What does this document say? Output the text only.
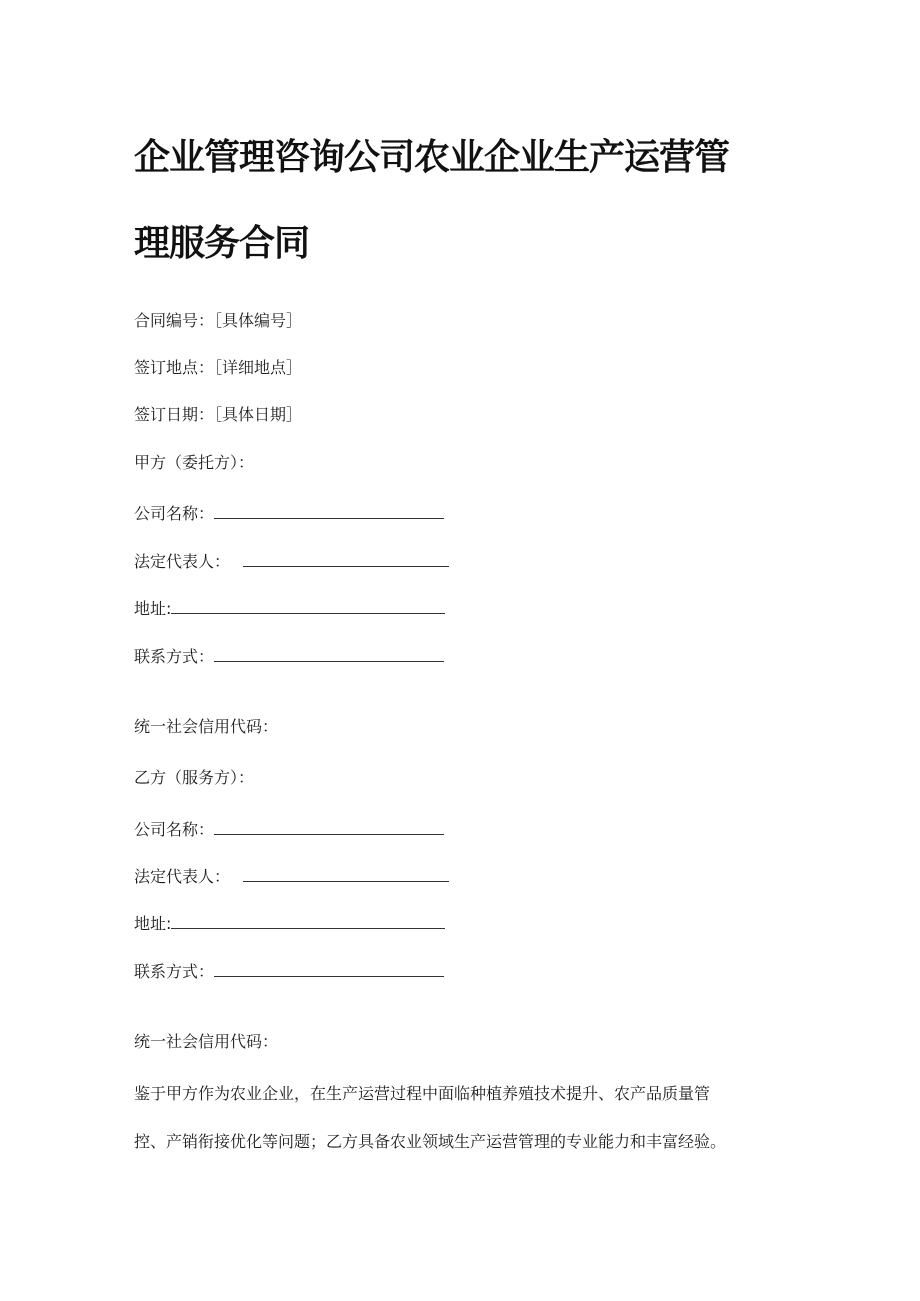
企业管理咨询公司农业企业生产运营管
理服务合同
合同编号：［具体编号］
签订地点：［详细地点］
签订日期：［具体日期］
甲方（委托方）：
公司名称：
法定代表人：
地址:
联系方式：
统一社会信用代码：
乙方（服务方）：
公司名称：
法定代表人：
地址:
联系方式：
统一社会信用代码：
鉴于甲方作为农业企业，在生产运营过程中面临种植养殖技术提升、农产品质量管
控、产销衔接优化等问题；乙方具备农业领域生产运营管理的专业能力和丰富经验。
